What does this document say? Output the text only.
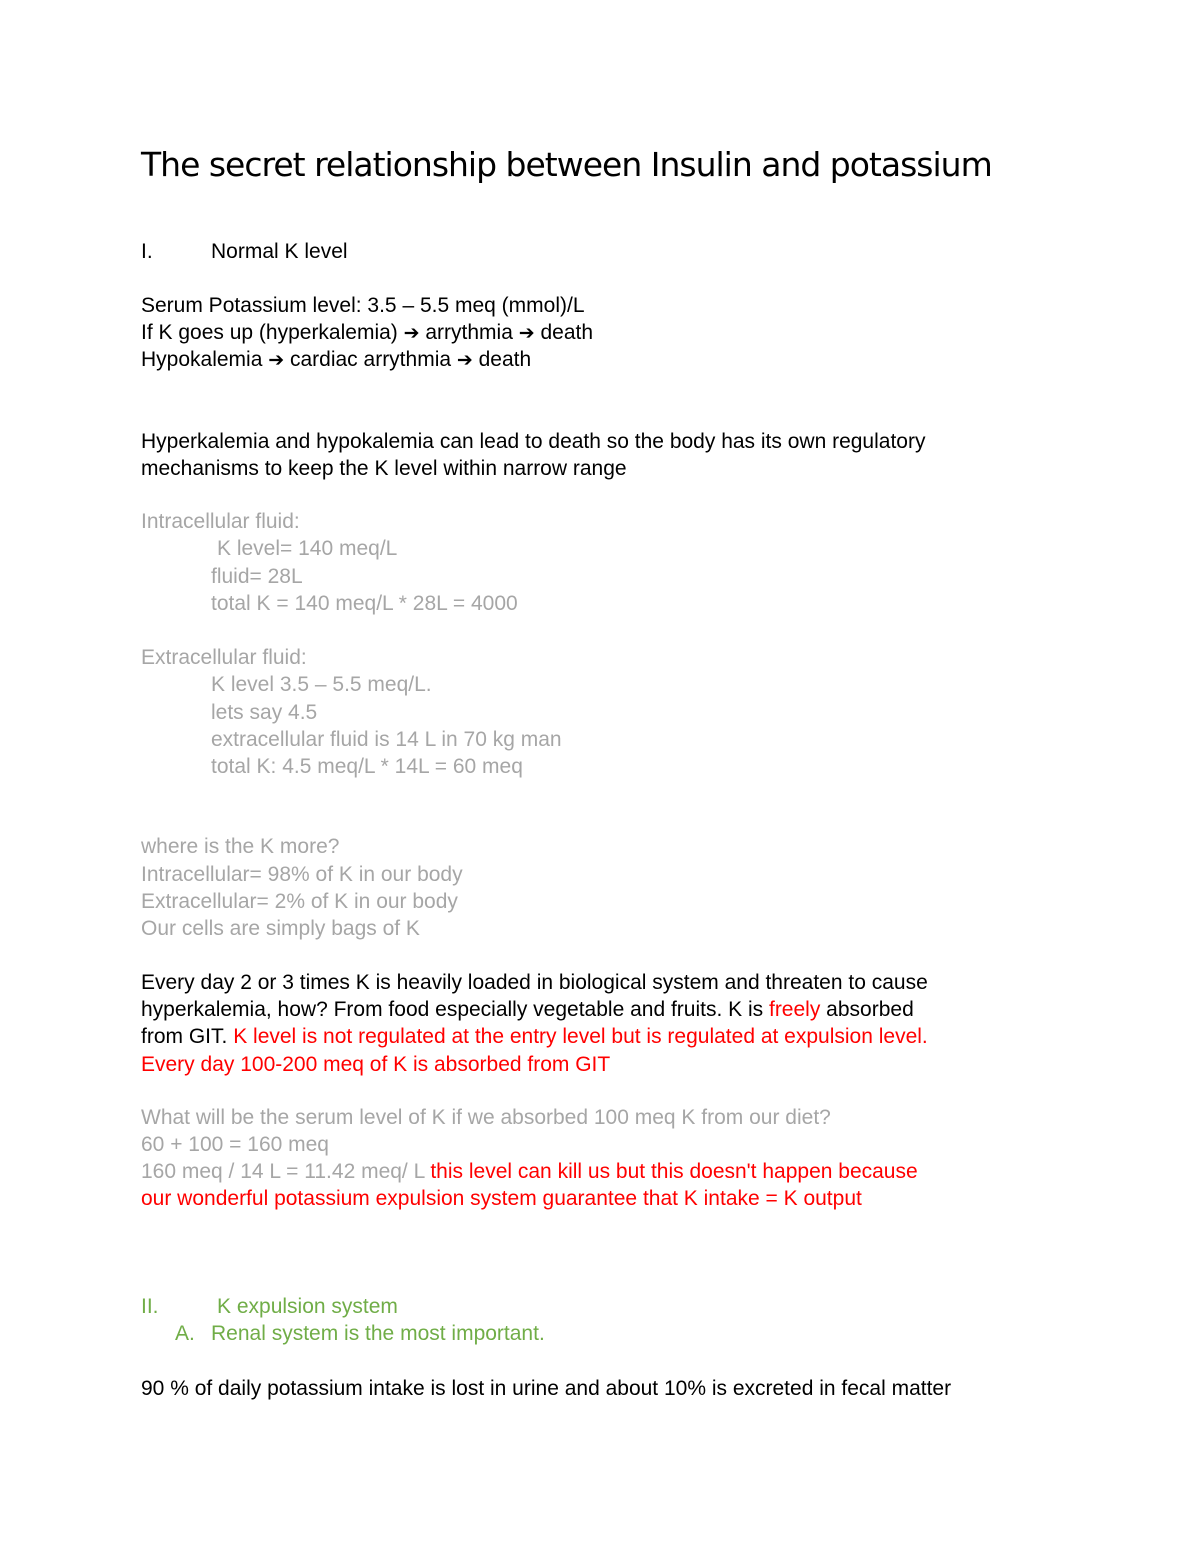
The secret relationship between Insulin and potassium
I.	Normal K level
Serum Potassium level: 3.5 – 5.5 meq (mmol)/L
If K goes up (hyperkalemia) ➔ arrythmia ➔ death
Hypokalemia ➔ cardiac arrythmia ➔ death
Hyperkalemia and hypokalemia can lead to death so the body has its own regulatory
mechanisms to keep the K level within narrow range
Intracellular fluid:
K level= 140 meq/L
fluid= 28L
total K = 140 meq/L * 28L = 4000
Extracellular fluid:
K level 3.5 – 5.5 meq/L.
lets say 4.5
extracellular fluid is 14 L in 70 kg man
total K: 4.5 meq/L * 14L = 60 meq
where is the K more?
Intracellular= 98% of K in our body
Extracellular= 2% of K in our body
Our cells are simply bags of K
Every day 2 or 3 times K is heavily loaded in biological system and threaten to cause
hyperkalemia, how? From food especially vegetable and fruits. K is freely absorbed
from GIT. K level is not regulated at the entry level but is regulated at expulsion level.
Every day 100-200 meq of K is absorbed from GIT
What will be the serum level of K if we absorbed 100 meq K from our diet?
60 + 100 = 160 meq
160 meq / 14 L = 11.42 meq/ L this level can kill us but this doesn't happen because
our wonderful potassium expulsion system guarantee that K intake = K output
II.	K expulsion system
A. Renal system is the most important.
90 % of daily potassium intake is lost in urine and about 10% is excreted in fecal matter
